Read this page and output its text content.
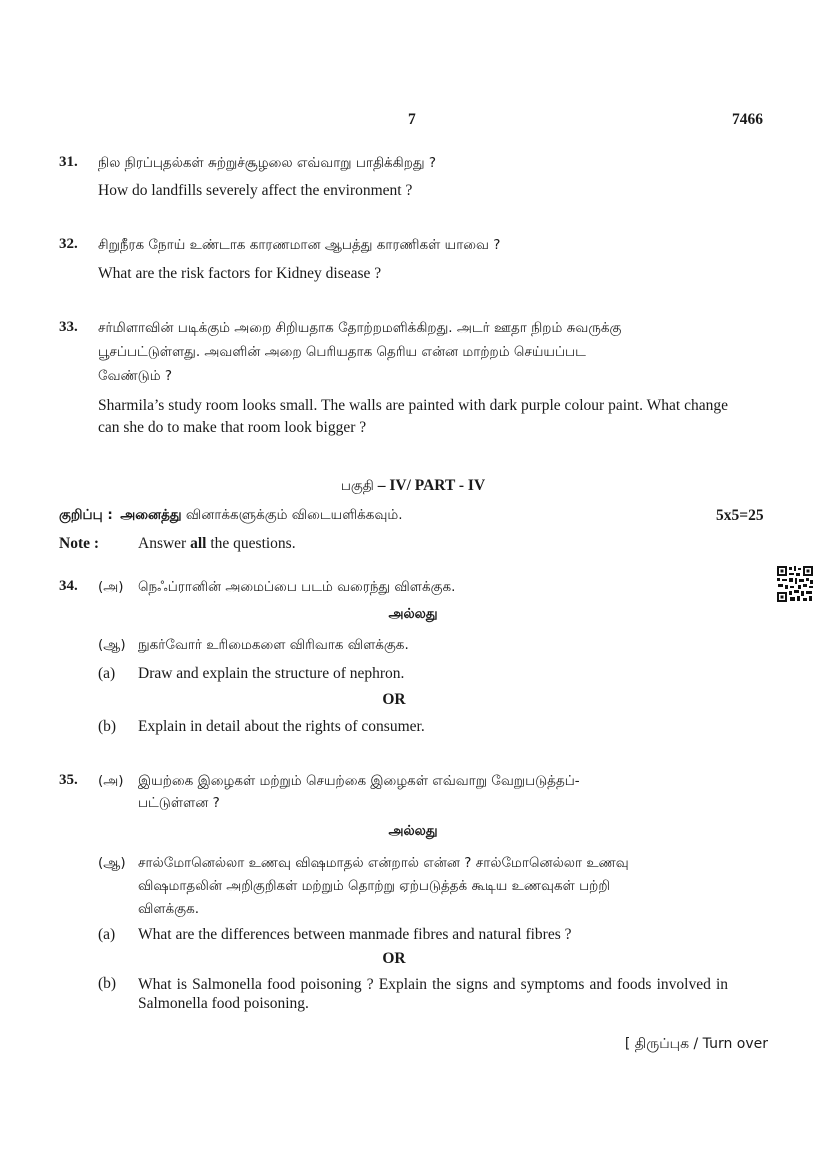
7	7466
31. நில நிரப்புதல்கள் சுற்றுச்சூழலை எவ்வாறு பாதிக்கிறது ?
How do landfills severely affect the environment ?
32. சிறுநீரக நோய் உண்டாக காரணமான ஆபத்து காரணிகள் யாவை ?
What are the risk factors for Kidney disease ?
33. சர்மிளாவின் படிக்கும் அறை சிறியதாக தோற்றமளிக்கிறது. அடர் ஊதா நிறம் சுவருக்கு
பூசப்பட்டுள்ளது. அவளின் அறை பெரியதாக தெரிய என்ன மாற்றம் செய்யப்பட
வேண்டும் ?
Sharmila’s study room looks small. The walls are painted with dark purple colour paint. What change can she do to make that room look bigger ?
பகுதி – IV/ PART - IV
குறிப்பு : அனைத்து வினாக்களுக்கும் விடையளிக்கவும்.	5x5=25
Note :	Answer all the questions.
34. (அ) நெஃப்ரானின் அமைப்பை படம் வரைந்து விளக்குக.
அல்லது
(ஆ) நுகர்வோர் உரிமைகளை விரிவாக விளக்குக.
(a) Draw and explain the structure of nephron.
OR
(b) Explain in detail about the rights of consumer.
35. (அ) இயற்கை இழைகள் மற்றும் செயற்கை இழைகள் எவ்வாறு வேறுபடுத்தப்-
பட்டுள்ளன ?
அல்லது
(ஆ) சால்மோனெல்லா உணவு விஷமாதல் என்றால் என்ன ? சால்மோனெல்லா உணவு
விஷமாதலின் அறிகுறிகள் மற்றும் தொற்று ஏற்படுத்தக் கூடிய உணவுகள் பற்றி
விளக்குக.
(a) What are the differences between manmade fibres and natural fibres ?
OR
(b) What is Salmonella food poisoning ? Explain the signs and symptoms and foods involved in Salmonella food poisoning.
[ திருப்புக / Turn over
